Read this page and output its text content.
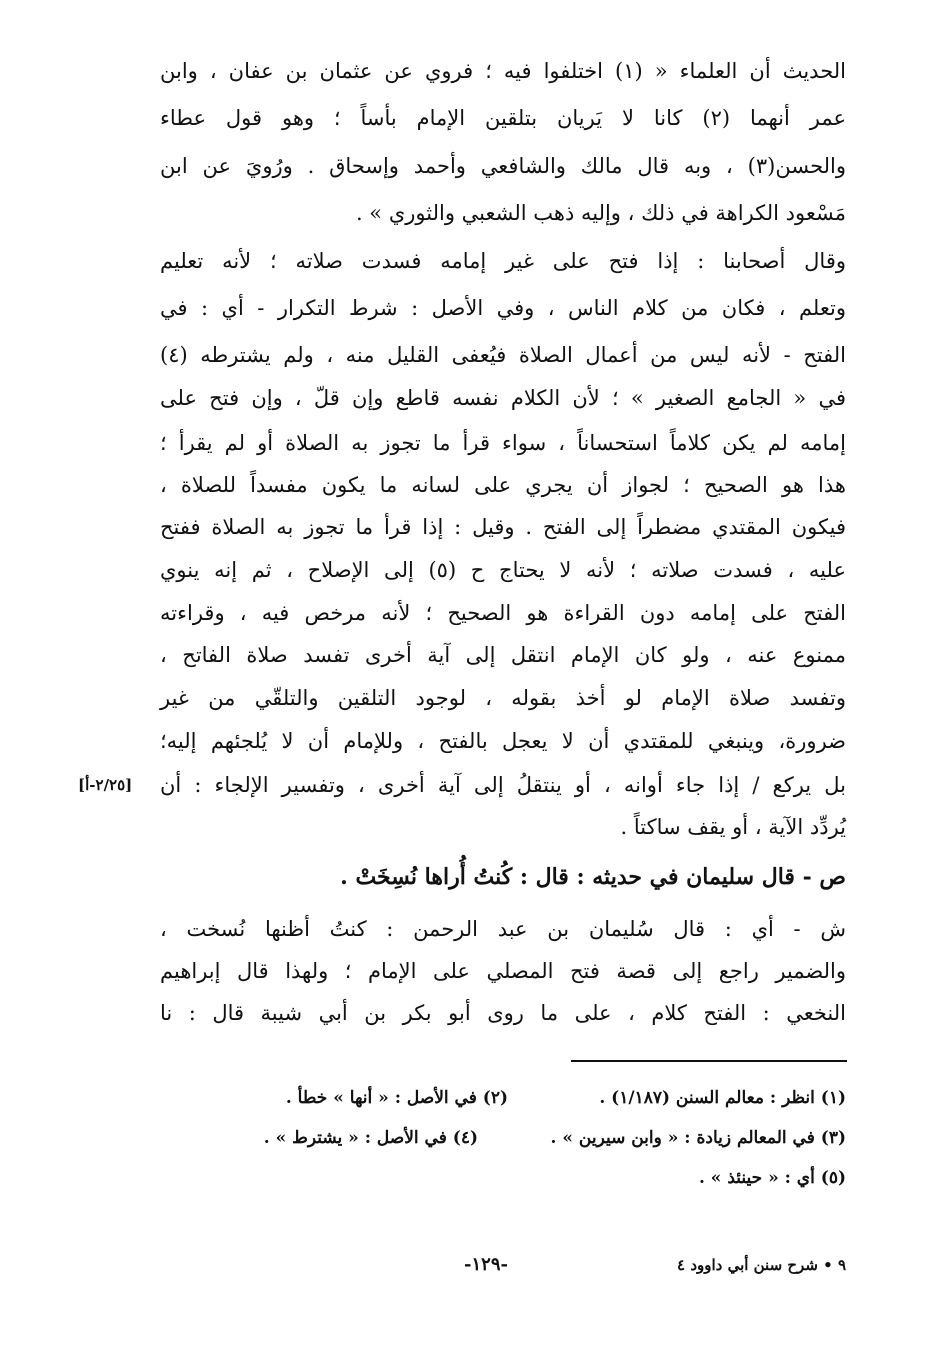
الحديث أن العلماء « (١) اختلفوا فيه ؛ فروي عن عثمان بن عفان ، وابن
عمر أنهما (٢) كانا لا يَريان بتلقين الإمام بأساً ؛ وهو قول عطاء
والحسن(٣) ، وبه قال مالك والشافعي وأحمد وإسحاق . ورُويَ عن ابن
مَسْعود الكراهة في ذلك ، وإليه ذهب الشعبي والثوري » .
وقال أصحابنا : إذا فتح على غير إمامه فسدت صلاته ؛ لأنه تعليم
وتعلم ، فكان من كلام الناس ، وفي الأصل : شرط التكرار - أي : في
الفتح - لأنه ليس من أعمال الصلاة فيُعفى القليل منه ، ولم يشترطه (٤)
في « الجامع الصغير » ؛ لأن الكلام نفسه قاطع وإن قلّ ، وإن فتح على
إمامه لم يكن كلاماً استحساناً ، سواء قرأ ما تجوز به الصلاة أو لم يقرأ ؛
هذا هو الصحيح ؛ لجواز أن يجري على لسانه ما يكون مفسداً للصلاة ،
فيكون المقتدي مضطراً إلى الفتح . وقيل : إذا قرأ ما تجوز به الصلاة ففتح
عليه ، فسدت صلاته ؛ لأنه لا يحتاج ح (٥) إلى الإصلاح ، ثم إنه ينوي
الفتح على إمامه دون القراءة هو الصحيح ؛ لأنه مرخص فيه ، وقراءته
ممنوع عنه ، ولو كان الإمام انتقل إلى آية أخرى تفسد صلاة الفاتح ،
وتفسد صلاة الإمام لو أخذ بقوله ، لوجود التلقين والتلقّي من غير
ضرورة، وينبغي للمقتدي أن لا يعجل بالفتح ، وللإمام أن لا يُلجئهم إليه؛
بل يركع / إذا جاء أوانه ، أو ينتقلُ إلى آية أخرى ، وتفسير الإلجاء : أن
يُردِّد الآية ، أو يقف ساكتاً .
[٢/٢٥-أ]
ص - قال سليمان في حديثه : قال : كُنتُ أُراها نُسِخَتْ .
ش - أي : قال سُليمان بن عبد الرحمن : كنتُ أظنها نُسخت ،
والضمير راجع إلى قصة فتح المصلي على الإمام ؛ ولهذا قال إبراهيم
النخعي : الفتح كلام ، على ما روى أبو بكر بن أبي شيبة قال : نا
(١) انظر : معالم السنن (١/١٨٧) .
(٢) في الأصل : « أنها » خطأ .
(٣) في المعالم زيادة : « وابن سيرين » .
(٤) في الأصل : « يشترط » .
(٥) أي : « حينئذ » .
٩ • شرح سنن أبي داوود ٤
-١٢٩-
